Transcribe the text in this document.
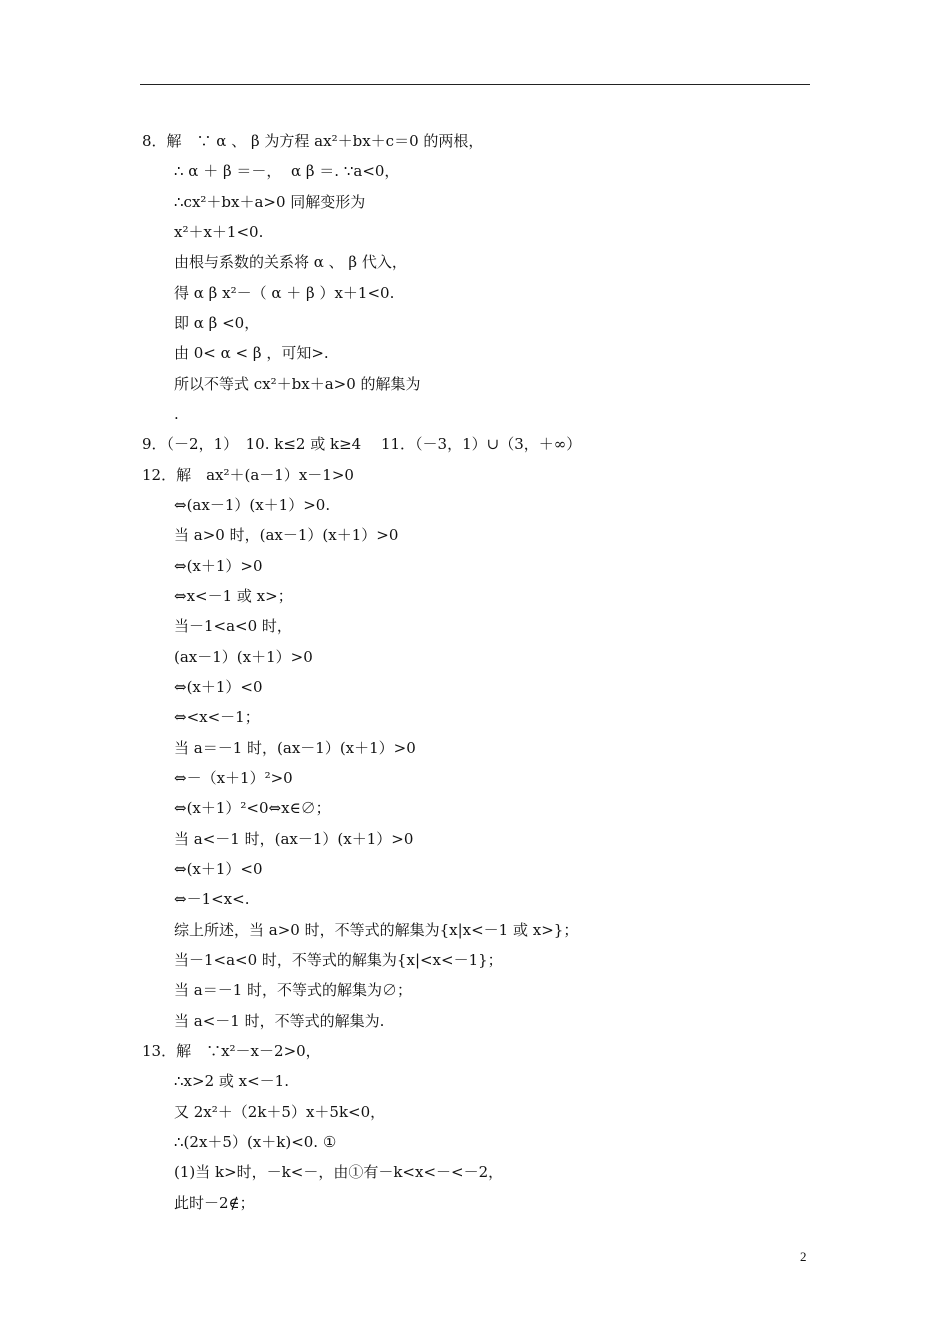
8．解　∵ α 、 β 为方程 ax²＋bx＋c＝0 的两根，
∴ α ＋ β ＝－，  α β ＝. ∵a<0，
∴cx²＋bx＋a>0 同解变形为
x²＋x＋1<0.
由根与系数的关系将 α 、 β 代入，
得 α β x²－（ α ＋ β ）x＋1<0.
即 α β <0，
由 0< α < β ，可知>.
所以不等式 cx²＋bx＋a>0 的解集为
.
9．（－2，1）　10. k≤2 或 k≥4　 11．（－3，1）∪（3，＋∞）
12．解　ax²＋(a－1）x－1>0
⇔(ax－1）(x＋1）>0.
当 a>0 时，(ax－1）(x＋1）>0
⇔(x＋1）>0
⇔x<－1 或 x>；
当－1<a<0 时，
(ax－1）(x＋1）>0
⇔(x＋1）<0
⇔<x<－1；
当 a＝－1 时，(ax－1）(x＋1）>0
⇔－（x＋1）²>0
⇔(x＋1）²<0⇔x∈∅；
当 a<－1 时，(ax－1）(x＋1）>0
⇔(x＋1）<0
⇔－1<x<.
综上所述，当 a>0 时，不等式的解集为{x|x<－1 或 x>}；
当－1<a<0 时，不等式的解集为{x|<x<－1}；
当 a＝－1 时，不等式的解集为∅；
当 a<－1 时，不等式的解集为.
13．解　∵x²－x－2>0，
∴x>2 或 x<－1.
又 2x²＋（2k＋5）x＋5k<0，
∴(2x＋5）(x＋k)<0. ①
(1)当 k>时，－k<－，由①有－k<x<－<－2，
此时－2∉；
2
